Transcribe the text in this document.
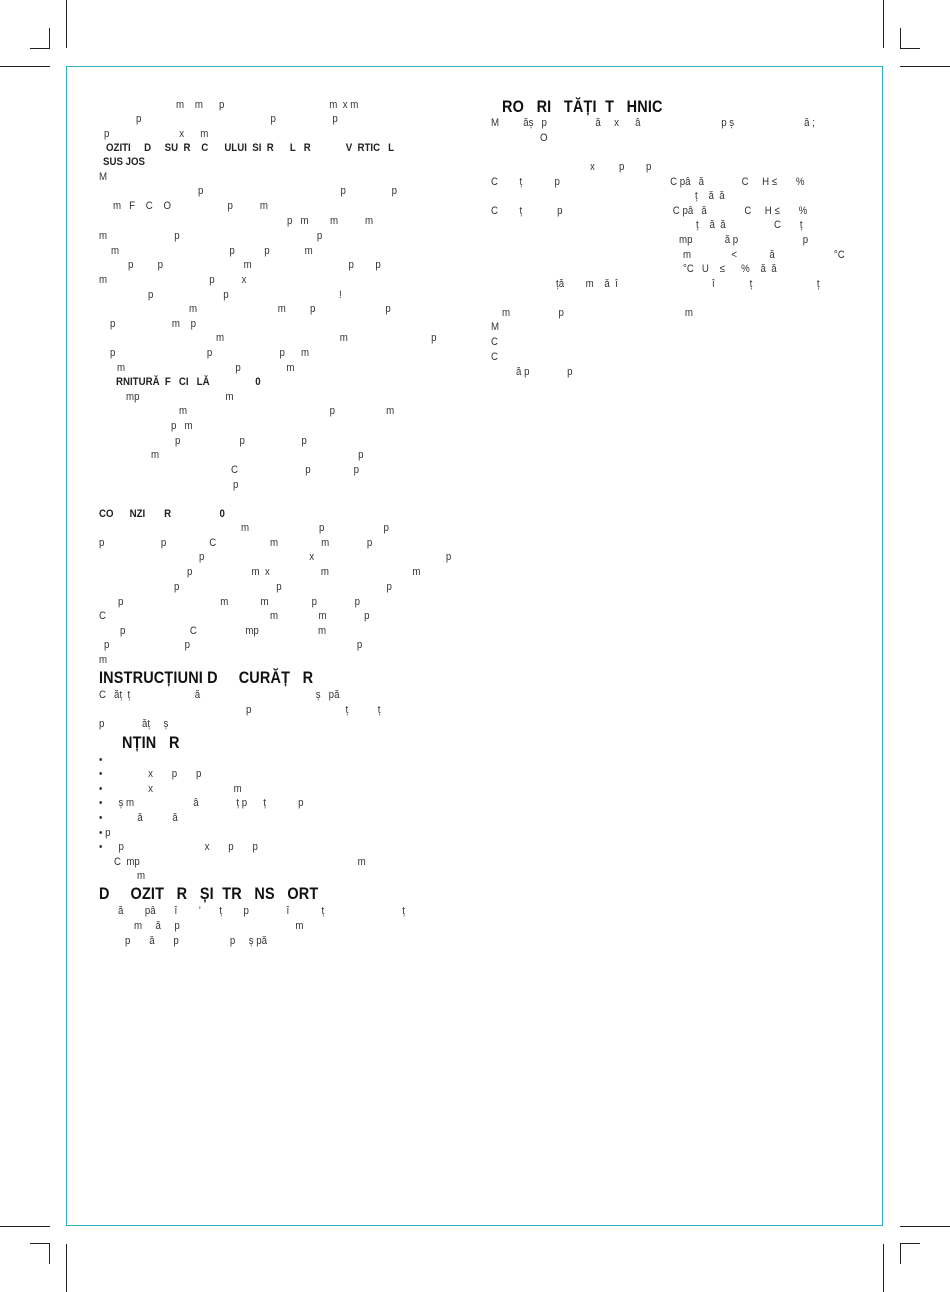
m    m      p                                       m  x m
p                                                p                     p
p                          x      m
OZITI     D     SU  R    C      ULUI  SI  R      L   R             V  RTIC   L
SUS JOS
M
p                                                   p                 p
m   F    C    O                     p          m
p   m        m          m
m                         p                                                   p
m                                         p           p             m
p         p                              m                                    p        p
m                                      p          x
p                          p                                         !
m                              m         p                          p
p                     m    p
m                                           m                               p
p                                  p                         p      m
m                                         p                 m
RNITURĂ  F   CI   LĂ                 0
mp                                m
m                                                     p                   m
p   m
p                      p                     p
m                                                                          p
C                         p                p
p
CO      NZI       R                  0
m                          p                      p
p                     p                C                    m                m              p
p                                       x                                                 p
p                      m  x                   m                               m
p                                    p                                       p
p                                    m            m                p              p
C                                                             m               m              p
p                        C                  mp                      m
p                            p                                                              p
m
INSTRUCȚIUNI D     CURĂȚ   R
C   ăț  ț                        ă                                           ș   pă
p                                   ț           ț
p              ăț     ș
NȚIN   R
•
•                 x       p       p
•                 x                              m
•      ș m                      â              ț p      ț            p
•             ă           ă
• p
•      p                              x       p       p
C  mp                                                                                 m
m
D     OZIT   R   ȘI  TR   NS   ORT
ă        pâ       î        ’       ț        p              î            ț                             ț
m     ă     p                                           m
p       ă       p                   p     ș pă
RO   RI   TĂȚI  T   HNIC
M         ăș   p                  ă     x      â                              p ș                          ă ;
O
x         p        p
C        ț            p                                         C pâ   ă              C     H ≤       %
ț    ă  ă
C        ț             p                                         C pâ   ă              C     H ≤       %
ț    ă  ă                  C       ț
mp            ă p                        p
m               <            ă                      °C
°C   U    ≤      %    ă  ă
ță        m    ă  î                                   î             ț                        ț
m                  p                                             m
M
C
C
ă p              p
